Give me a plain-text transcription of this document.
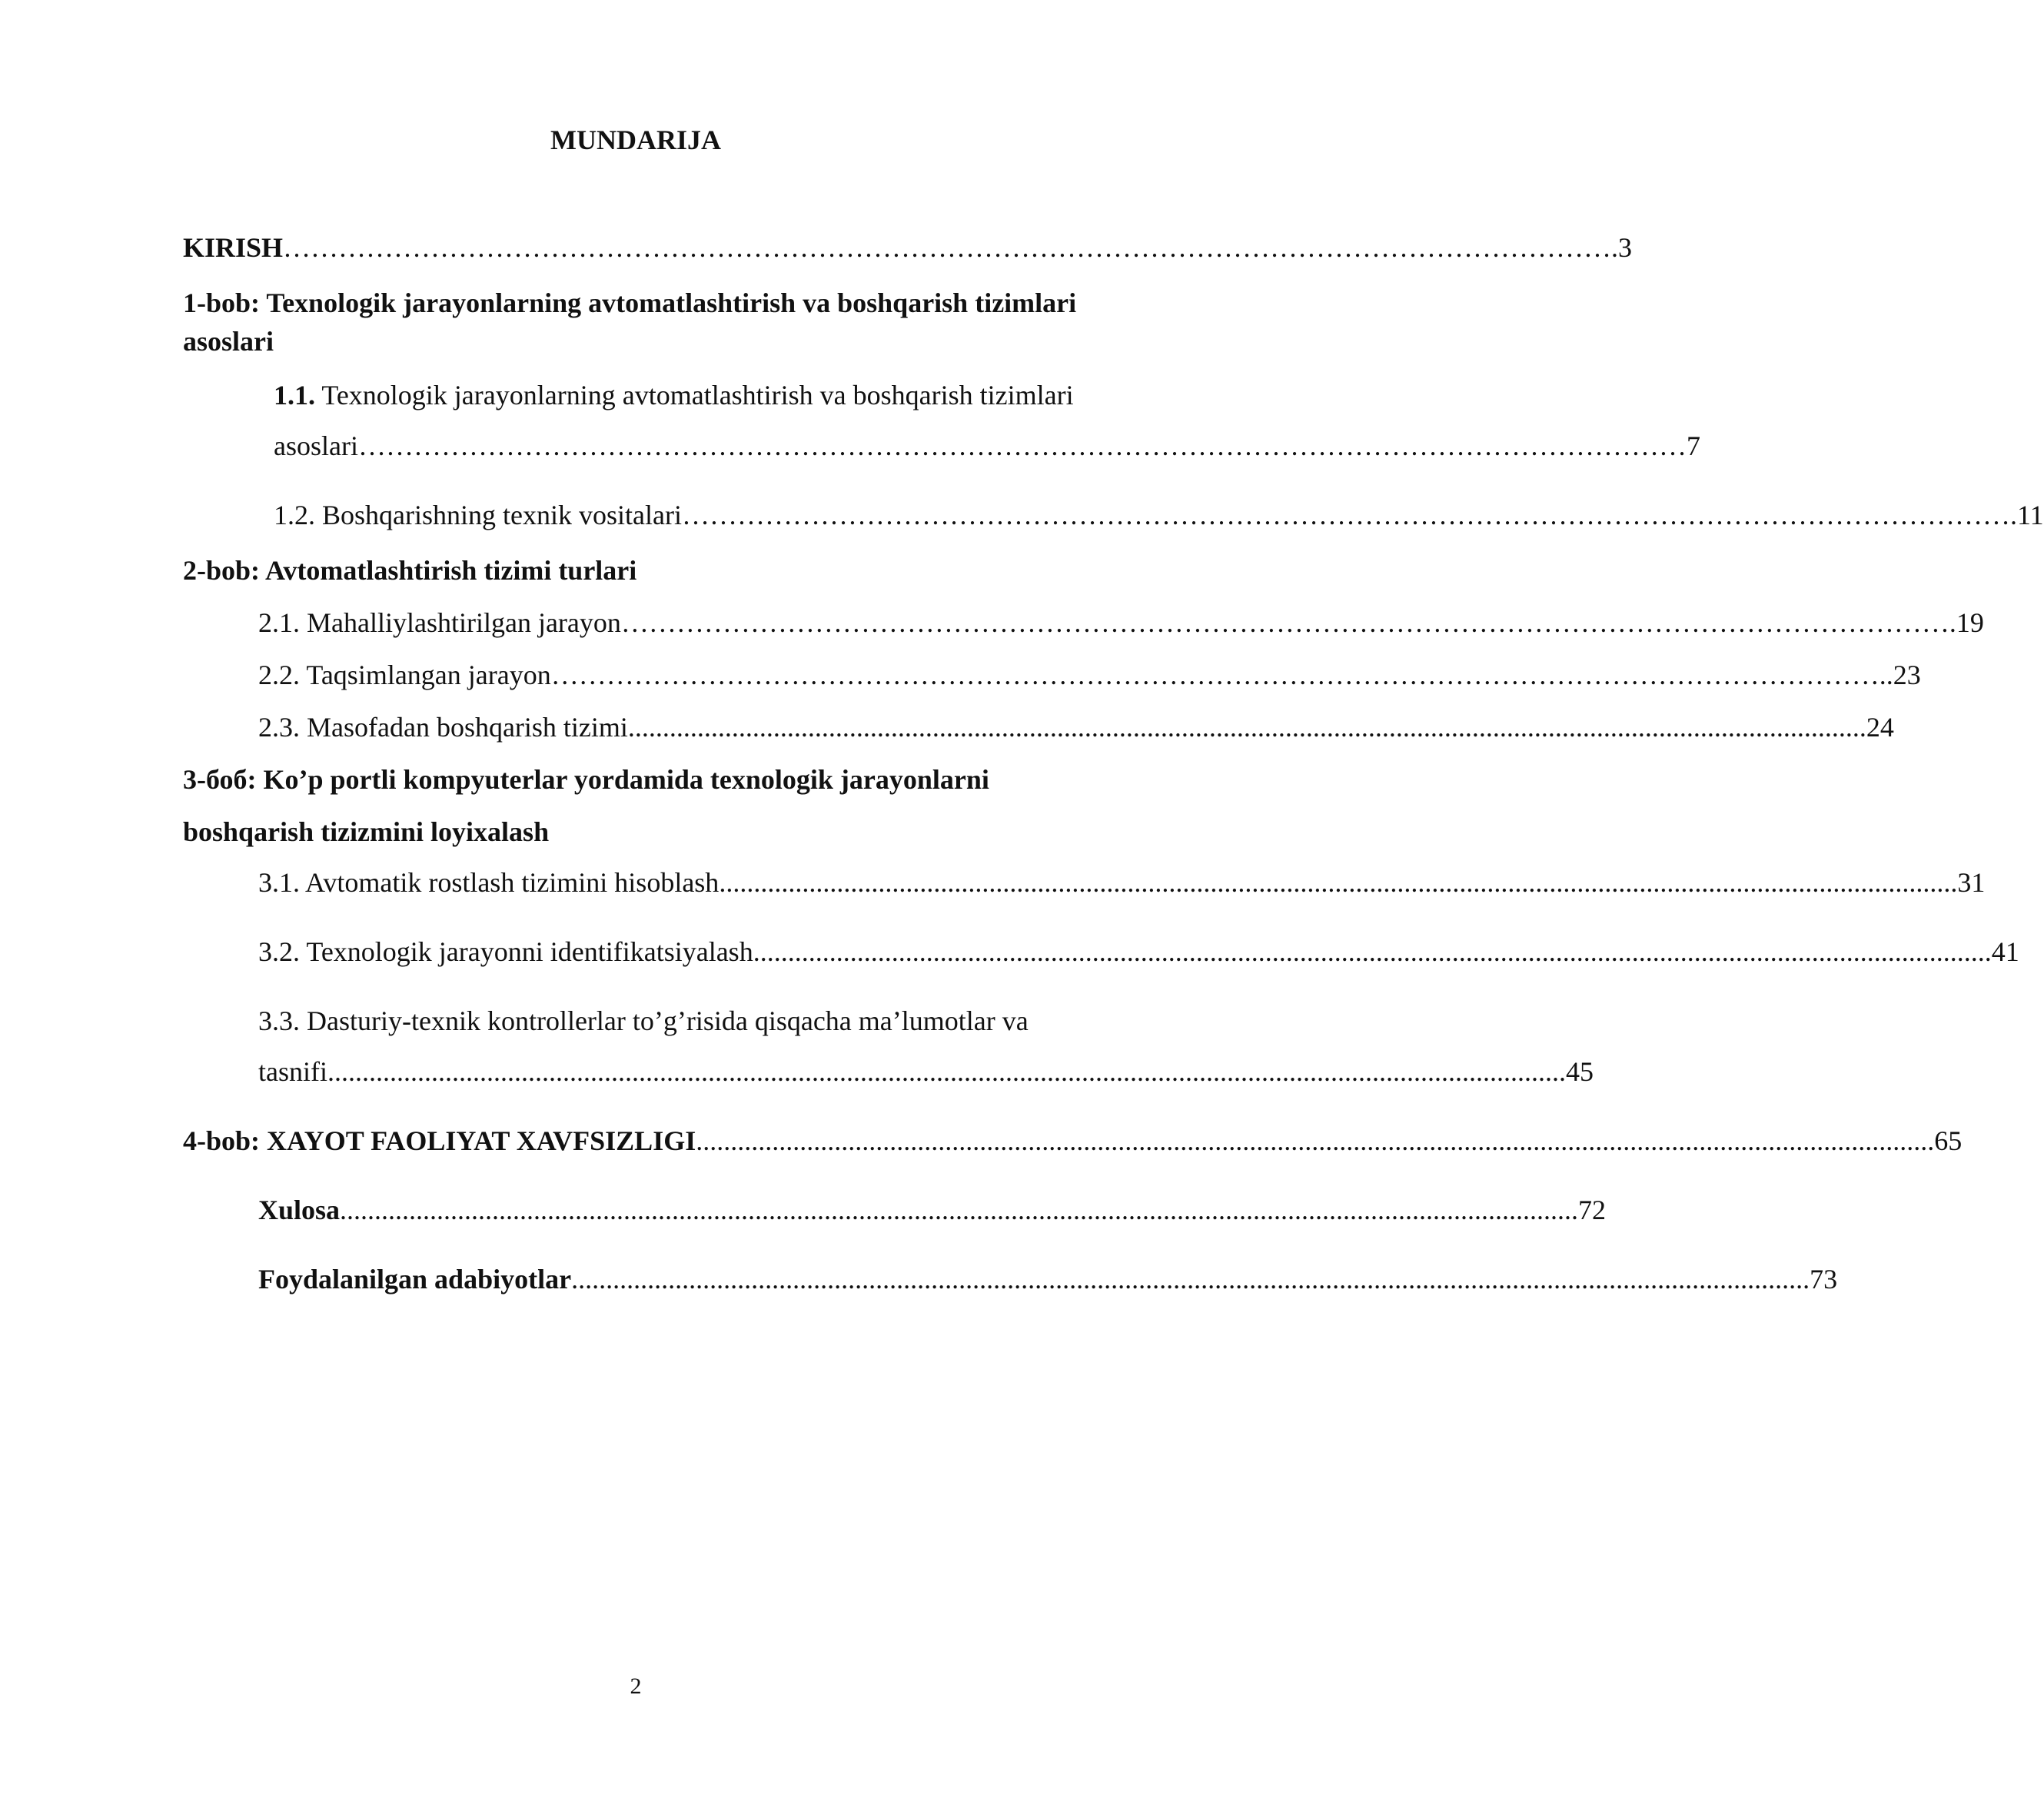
MUNDARIJA
KIRISH ……………………………………………………………………………………………………………………………… .3
1-bob: Texnologik jarayonlarning avtomatlashtirish va boshqarish tizimlari
asoslari
1.1. Texnologik jarayonlarning avtomatlashtirish va boshqarish tizimlari
asoslari ……………………………………………………………………………………………………………………………… 7
1.2. Boshqarishning texnik vositalari ……………………………………………………………………………………………………………………………… .11
2-bob: Avtomatlashtirish tizimi turlari
2.1. Mahalliylashtirilgan jarayon ……………………………………………………………………………………………………………………………… .19
2.2. Taqsimlangan jarayon ……………………………………………………………………………………………………………………………… ..23
2.3. Masofadan boshqarish tizimi ................................................................................................................................................................................... 24
3-боб: Ko’p portli kompyuterlar yordamida texnologik jarayonlarni
boshqarish tizizmini loyixalash
3.1. Avtomatik rostlash tizimini hisoblash ................................................................................................................................................................................... 31
3.2. Texnologik jarayonni identifikatsiyalash ................................................................................................................................................................................... 41
3.3. Dasturiy-texnik kontrollerlar to’g’risida qisqacha ma’lumotlar va
tasnifi ................................................................................................................................................................................... 45
4-bob: XAYOT FAOLIYAT XAVFSIZLIGI ................................................................................................................................................................................... 65
Xulosa ................................................................................................................................................................................... 72
Foydalanilgan adabiyotlar ................................................................................................................................................................................... 73
2
